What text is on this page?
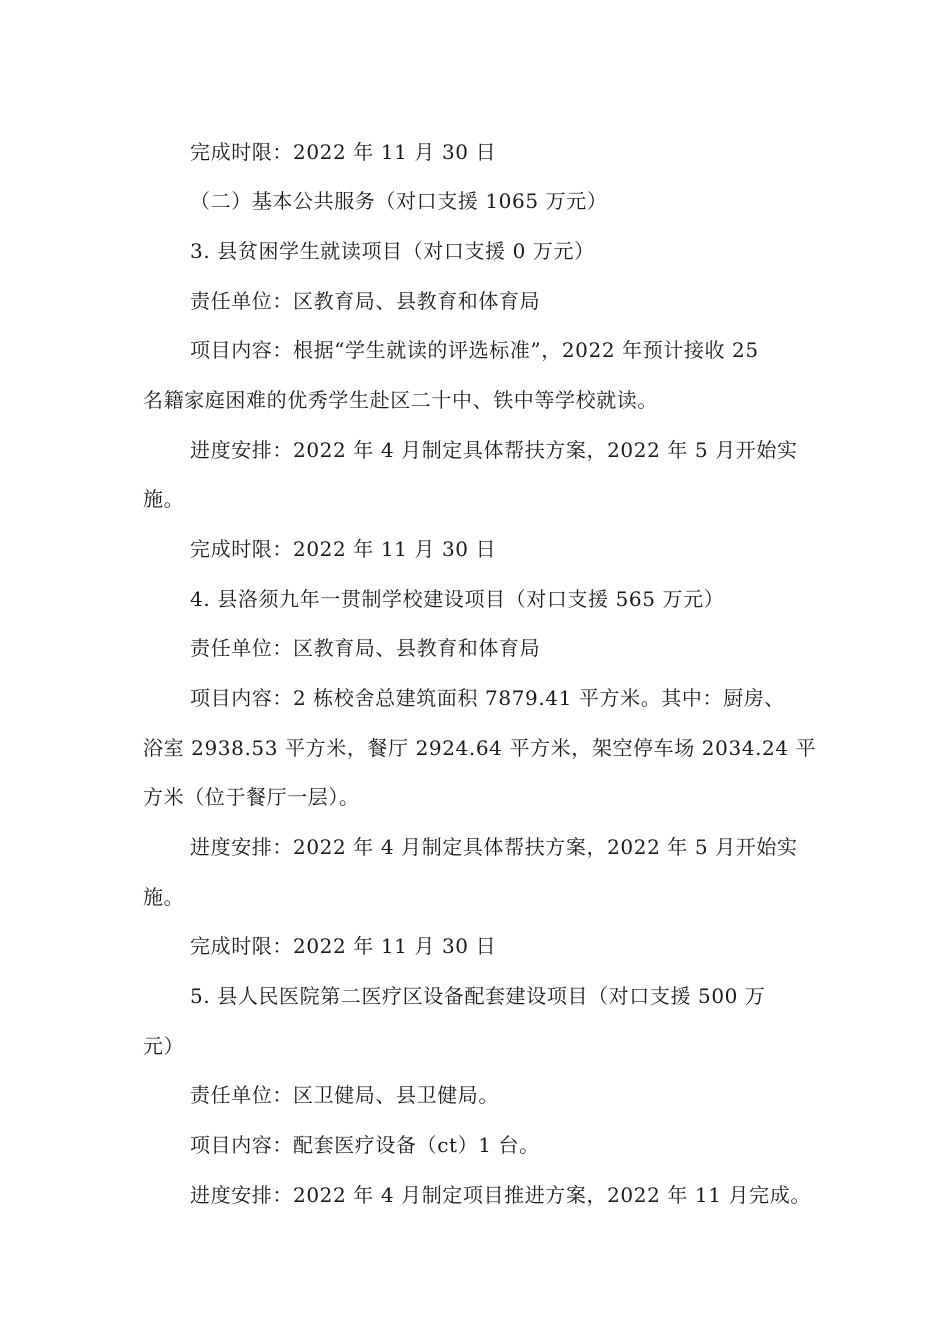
完成时限：2022 年 11 月 30 日
（二）基本公共服务（对口支援 1065 万元）
3. 县贫困学生就读项目（对口支援 0 万元）
责任单位：区教育局、县教育和体育局
项目内容：根据“学生就读的评选标准”，2022 年预计接收 25
名籍家庭困难的优秀学生赴区二十中、铁中等学校就读。
进度安排：2022 年 4 月制定具体帮扶方案，2022 年 5 月开始实
施。
完成时限：2022 年 11 月 30 日
4. 县洛须九年一贯制学校建设项目（对口支援 565 万元）
责任单位：区教育局、县教育和体育局
项目内容：2 栋校舍总建筑面积 7879.41 平方米。其中：厨房、
浴室 2938.53 平方米，餐厅 2924.64 平方米，架空停车场 2034.24 平
方米（位于餐厅一层）。
进度安排：2022 年 4 月制定具体帮扶方案，2022 年 5 月开始实
施。
完成时限：2022 年 11 月 30 日
5. 县人民医院第二医疗区设备配套建设项目（对口支援 500 万
元）
责任单位：区卫健局、县卫健局。
项目内容：配套医疗设备（ct）1 台。
进度安排：2022 年 4 月制定项目推进方案，2022 年 11 月完成。
